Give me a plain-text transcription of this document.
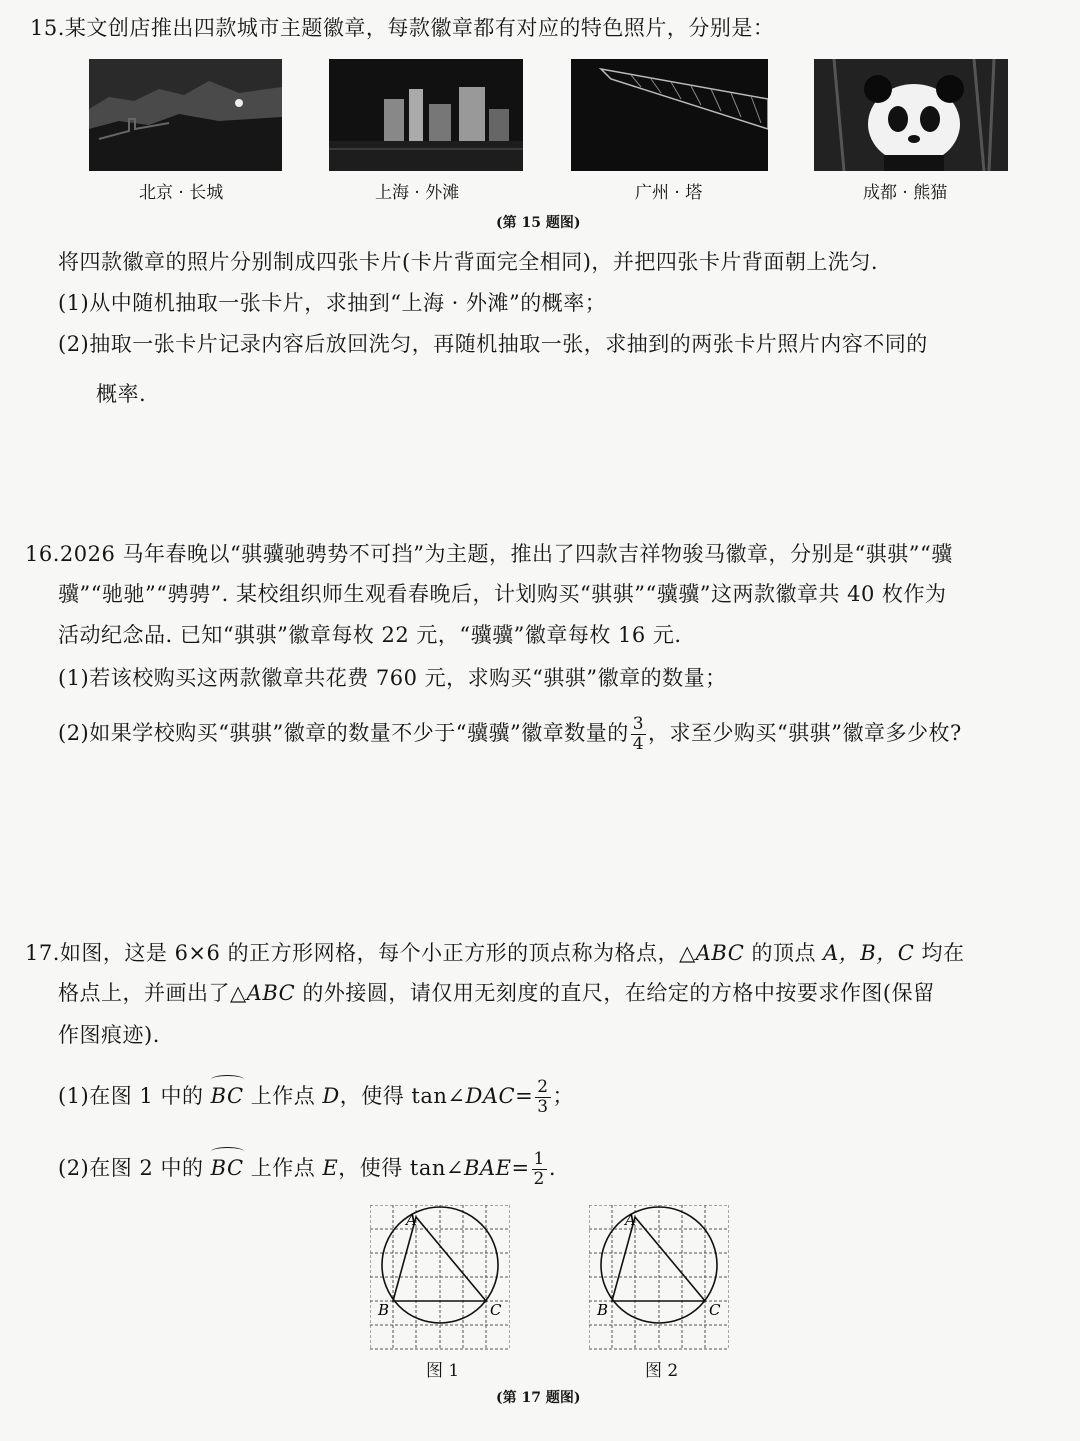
15.某文创店推出四款城市主题徽章，每款徽章都有对应的特色照片，分别是：
北京 · 长城	上海 · 外滩	广州 · 塔	成都 · 熊猫
(第 15 题图)
将四款徽章的照片分别制成四张卡片(卡片背面完全相同)，并把四张卡片背面朝上洗匀.
(1)从中随机抽取一张卡片，求抽到“上海 · 外滩”的概率；
(2)抽取一张卡片记录内容后放回洗匀，再随机抽取一张，求抽到的两张卡片照片内容不同的
概率.
16.2026 马年春晚以“骐骥驰骋势不可挡”为主题，推出了四款吉祥物骏马徽章，分别是“骐骐”“骥
骥”“驰驰”“骋骋”. 某校组织师生观看春晚后，计划购买“骐骐”“骥骥”这两款徽章共 40 枚作为
活动纪念品. 已知“骐骐”徽章每枚 22 元，“骥骥”徽章每枚 16 元.
(1)若该校购买这两款徽章共花费 760 元，求购买“骐骐”徽章的数量；
(2)如果学校购买“骐骐”徽章的数量不少于“骥骥”徽章数量的 $\frac{3}{4}$ ，求至少购买“骐骐”徽章多少枚?
17.如图，这是 6×6 的正方形网格，每个小正方形的顶点称为格点，△ABC 的顶点 A，B，C 均在
格点上，并画出了△ABC 的外接圆，请仅用无刻度的直尺，在给定的方格中按要求作图(保留
作图痕迹).
(1)在图 1 中的 BC 上作点 D，使得 tan∠DAC= $\frac{2}{3}$ ；
(2)在图 2 中的 BC 上作点 E，使得 tan∠BAE= $\frac{1}{2}$ .
A
B	C
A
B	C
图 1	图 2
(第 17 题图)
